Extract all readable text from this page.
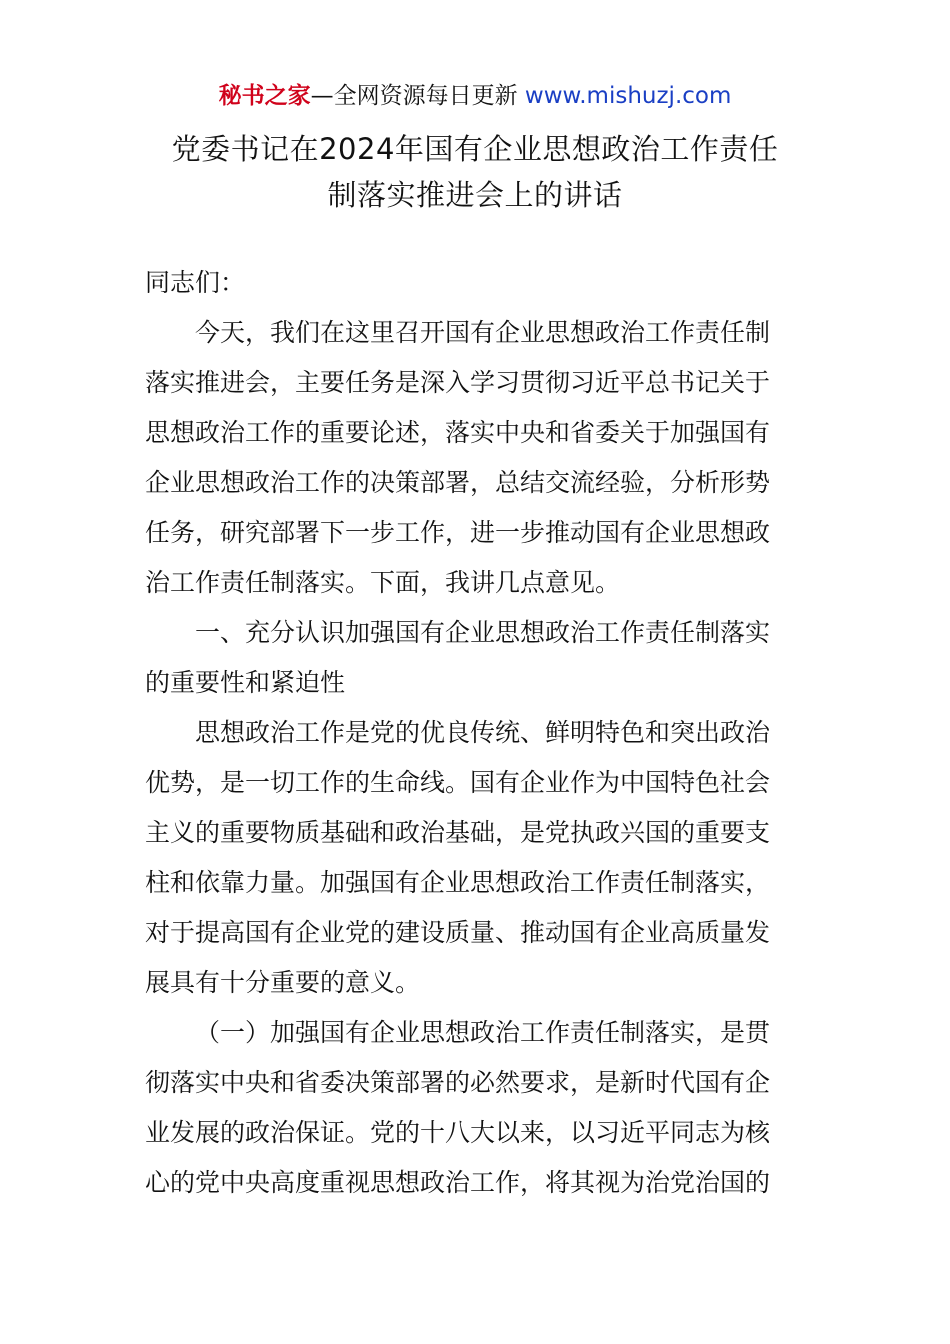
秘书之家—全网资源每日更新 www.mishuzj.com
党委书记在2024年国有企业思想政治工作责任
制落实推进会上的讲话
同志们：
今天，我们在这里召开国有企业思想政治工作责任制
落实推进会，主要任务是深入学习贯彻习近平总书记关于
思想政治工作的重要论述，落实中央和省委关于加强国有
企业思想政治工作的决策部署，总结交流经验，分析形势
任务，研究部署下一步工作，进一步推动国有企业思想政
治工作责任制落实。下面，我讲几点意见。
一、充分认识加强国有企业思想政治工作责任制落实
的重要性和紧迫性
思想政治工作是党的优良传统、鲜明特色和突出政治
优势，是一切工作的生命线。国有企业作为中国特色社会
主义的重要物质基础和政治基础，是党执政兴国的重要支
柱和依靠力量。加强国有企业思想政治工作责任制落实，
对于提高国有企业党的建设质量、推动国有企业高质量发
展具有十分重要的意义。
（一）加强国有企业思想政治工作责任制落实，是贯
彻落实中央和省委决策部署的必然要求，是新时代国有企
业发展的政治保证。党的十八大以来，以习近平同志为核
心的党中央高度重视思想政治工作，将其视为治党治国的
